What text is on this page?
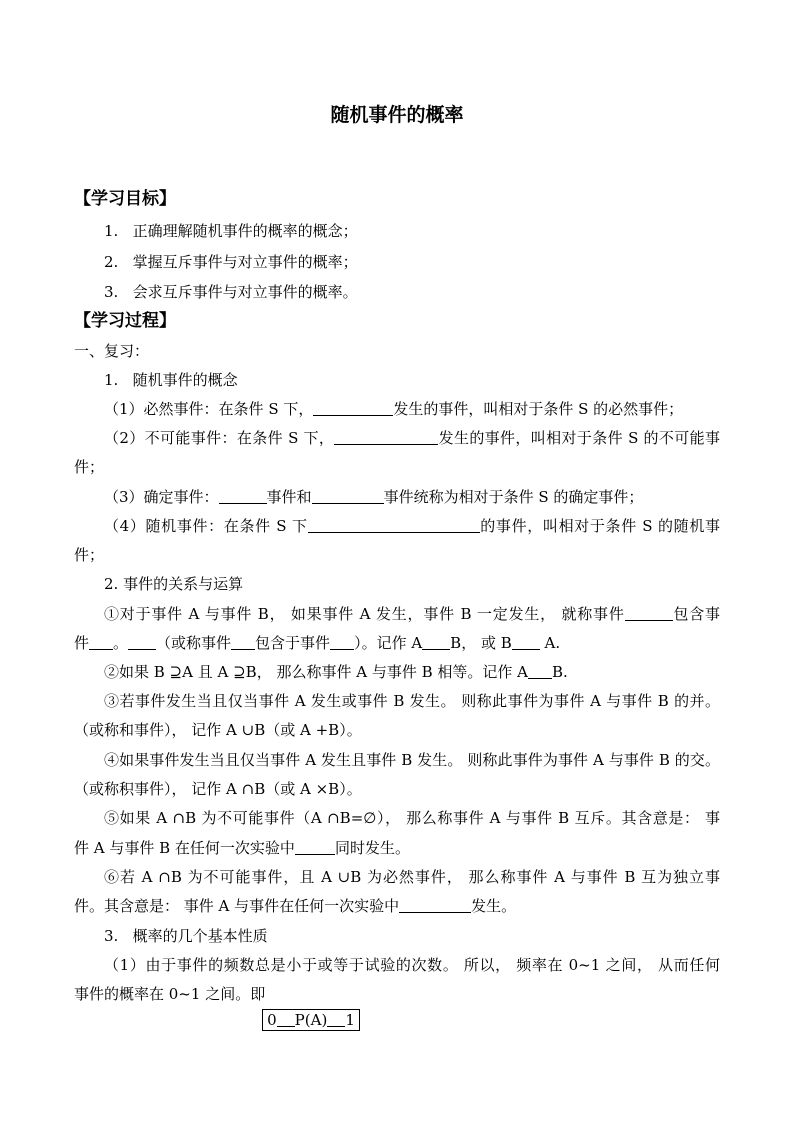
随机事件的概率
【学习目标】
1. 正确理解随机事件的概率的概念；
2. 掌握互斥事件与对立事件的概率；
3. 会求互斥事件与对立事件的概率。
【学习过程】
一、复习：
1. 随机事件的概念
（1）必然事件：在条件 S 下，	发生的事件，叫相对于条件 S 的必然事件；
（2）不可能事件：在条件 S 下，	发生的事件，叫相对于条件 S 的不可能事
件；
（3）确定事件：	事件和	事件统称为相对于条件 S 的确定事件；
（4）随机事件：在条件 S 下	的事件，叫相对于条件 S 的随机事
件；
2. 事件的关系与运算
①对于事件 A 与事件 B， 如果事件 A 发生，事件 B 一定发生， 就称事件	包含事
件 。 （或称事件 包含于事件 ）。记作 A B， 或 B A.
②如果 B ⊇A 且 A ⊇B， 那么称事件 A 与事件 B 相等。记作 A B.
③若事件发生当且仅当事件 A 发生或事件 B 发生。 则称此事件为事件 A 与事件 B 的并。
（或称和事件）， 记作 A ∪B（或 A +B）。
④如果事件发生当且仅当事件 A 发生且事件 B 发生。 则称此事件为事件 A 与事件 B 的交。
（或称积事件）， 记作 A ∩B（或 A ×B）。
⑤如果 A ∩B 为不可能事件（A ∩B=∅）， 那么称事件 A 与事件 B 互斥。其含意是： 事
件 A 与事件 B 在任何一次实验中	同时发生。
⑥若 A ∩B 为不可能事件，且 A ∪B 为必然事件， 那么称事件 A 与事件 B 互为独立事
件。其含意是： 事件 A 与事件在任何一次实验中	发生。
3. 概率的几个基本性质
（1）由于事件的频数总是小于或等于试验的次数。 所以， 频率在 0~1 之间， 从而任何
事件的概率在 0~1 之间。即
0 P(A) 1
